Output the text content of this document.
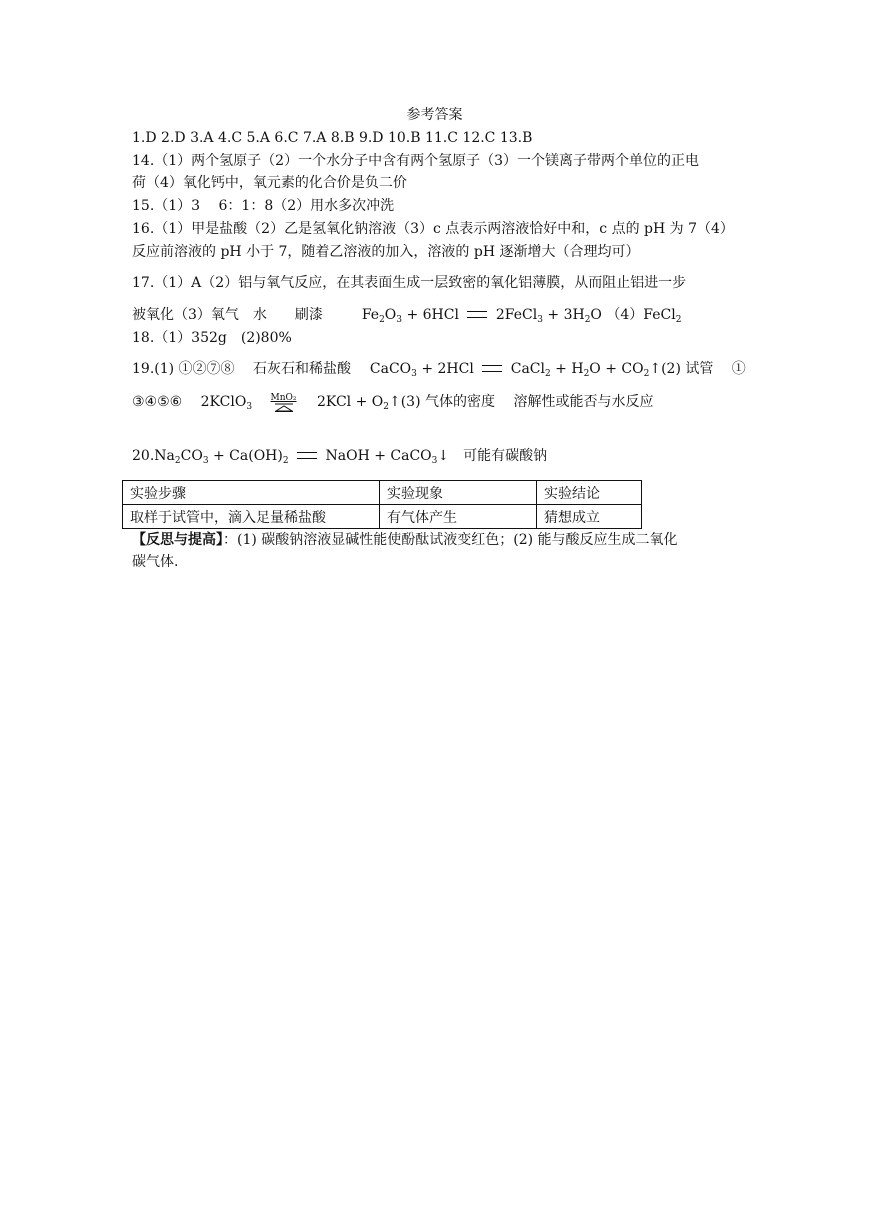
参考答案
1.D 2.D 3.A 4.C 5.A 6.C 7.A 8.B 9.D 10.B 11.C 12.C 13.B
14.（1）两个氢原子（2）一个水分子中含有两个氢原子（3）一个镁离子带两个单位的正电
荷（4）氧化钙中，氧元素的化合价是负二价
15.（1）3　 6：1：8（2）用水多次冲洗
16.（1）甲是盐酸（2）乙是氢氧化钠溶液（3）c 点表示两溶液恰好中和，c 点的 pH 为 7（4）
反应前溶液的 pH 小于 7，随着乙溶液的加入，溶液的 pH 逐渐增大（合理均可）
17.（1）A（2）铝与氧气反应，在其表面生成一层致密的氧化铝薄膜，从而阻止铝进一步
被氧化（3）氧气　水　　刷漆	$Fe_2O_3 + 6HCl$	2FeCl$_3$ + $3H_2O$ （4）FeCl$_2$
18.（1）352g　(2)80%
19.(1) ①②⑦⑧　 石灰石和稀盐酸 CaCO$_3$ + 2HCl	CaCl$_2$ + $H_2O$ + $CO_2↑(2)$ 试管　 ①
③④⑤⑥　 2KClO$_3$
MnO₂ $2KCl + O_2↑(3)$ 气体的密度　 溶解性或能否与水反应
$20.Na_2CO_3 + Ca(OH)_2$	NaOH + CaCO$_3$↓　可能有碳酸钠
实验步骤	实验现象	实验结论
取样于试管中，滴入足量稀盐酸	有气体产生	猜想成立
【反思与提高】：(1) 碳酸钠溶液显碱性能使酚酞试液变红色；(2) 能与酸反应生成二氧化
碳气体.
